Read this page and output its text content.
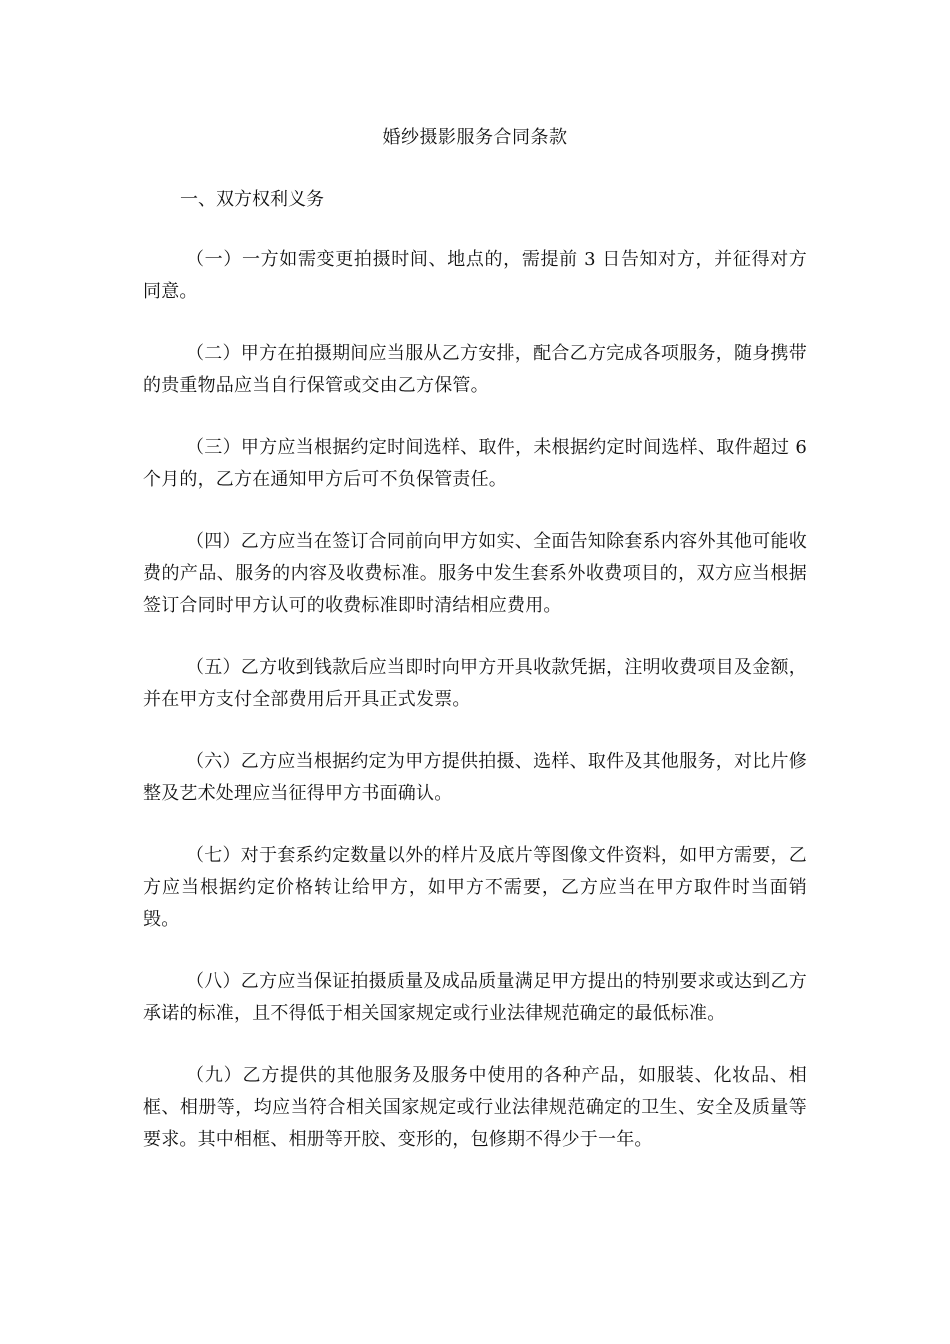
婚纱摄影服务合同条款
一、双方权利义务

（一）一方如需变更拍摄时间、地点的，需提前 3 日告知对方，并征得对方同意。

（二）甲方在拍摄期间应当服从乙方安排，配合乙方完成各项服务，随身携带的贵重物品应当自行保管或交由乙方保管。

（三）甲方应当根据约定时间选样、取件，未根据约定时间选样、取件超过 6 个月的，乙方在通知甲方后可不负保管责任。

（四）乙方应当在签订合同前向甲方如实、全面告知除套系内容外其他可能收费的产品、服务的内容及收费标准。服务中发生套系外收费项目的，双方应当根据签订合同时甲方认可的收费标准即时清结相应费用。

（五）乙方收到钱款后应当即时向甲方开具收款凭据，注明收费项目及金额，并在甲方支付全部费用后开具正式发票。

（六）乙方应当根据约定为甲方提供拍摄、选样、取件及其他服务，对比片修整及艺术处理应当征得甲方书面确认。

（七）对于套系约定数量以外的样片及底片等图像文件资料，如甲方需要，乙方应当根据约定价格转让给甲方，如甲方不需要，乙方应当在甲方取件时当面销毁。

（八）乙方应当保证拍摄质量及成品质量满足甲方提出的特别要求或达到乙方承诺的标准，且不得低于相关国家规定或行业法律规范确定的最低标准。

（九）乙方提供的其他服务及服务中使用的各种产品，如服装、化妆品、相框、相册等，均应当符合相关国家规定或行业法律规范确定的卫生、安全及质量等要求。其中相框、相册等开胶、变形的，包修期不得少于一年。
